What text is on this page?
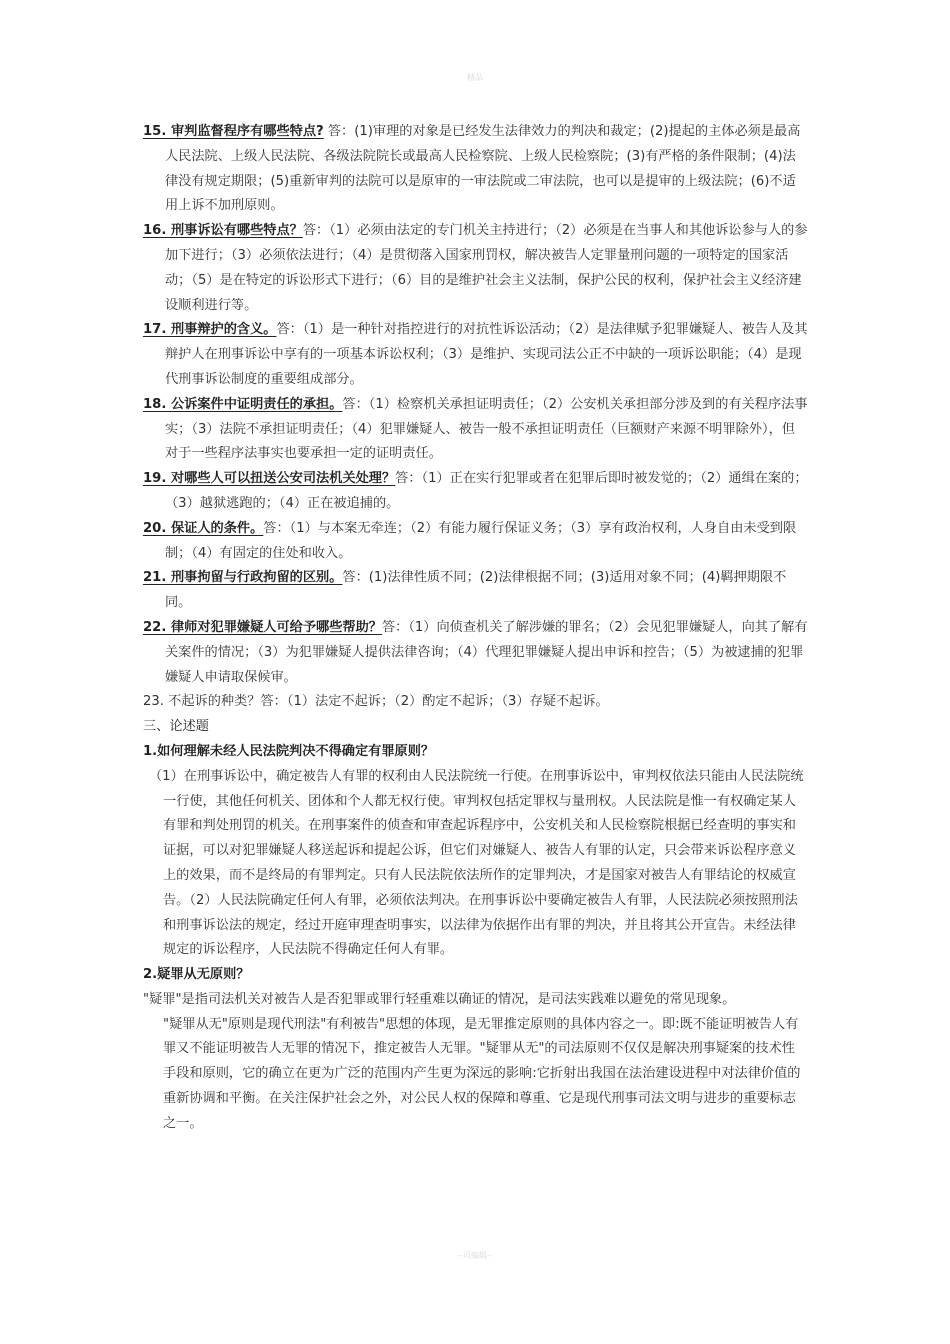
精品
15. 审判监督程序有哪些特点? 答：(1)审理的对象是已经发生法律效力的判决和裁定；(2)提起的主体必须是最高人民法院、上级人民法院、各级法院院长或最高人民检察院、上级人民检察院；(3)有严格的条件限制；(4)法律没有规定期限；(5)重新审判的法院可以是原审的一审法院或二审法院，也可以是提审的上级法院；(6)不适用上诉不加刑原则。
16. 刑事诉讼有哪些特点？答：（1）必须由法定的专门机关主持进行；（2）必须是在当事人和其他诉讼参与人的参加下进行；（3）必须依法进行；（4）是贯彻落入国家刑罚权，解决被告人定罪量刑问题的一项特定的国家活动；（5）是在特定的诉讼形式下进行；（6）目的是维护社会主义法制，保护公民的权利，保护社会主义经济建设顺利进行等。
17. 刑事辩护的含义。答：（1）是一种针对指控进行的对抗性诉讼活动；（2）是法律赋予犯罪嫌疑人、被告人及其辩护人在刑事诉讼中享有的一项基本诉讼权利；（3）是维护、实现司法公正不中缺的一项诉讼职能；（4）是现代刑事诉讼制度的重要组成部分。
18. 公诉案件中证明责任的承担。答：（1）检察机关承担证明责任；（2）公安机关承担部分涉及到的有关程序法事实；（3）法院不承担证明责任；（4）犯罪嫌疑人、被告一般不承担证明责任（巨额财产来源不明罪除外），但对于一些程序法事实也要承担一定的证明责任。
19. 对哪些人可以扭送公安司法机关处理？答：（1）正在实行犯罪或者在犯罪后即时被发觉的；（2）通缉在案的；（3）越狱逃跑的；（4）正在被追捕的。
20. 保证人的条件。答：（1）与本案无牵连；（2）有能力履行保证义务；（3）享有政治权利，人身自由未受到限制；（4）有固定的住处和收入。
21. 刑事拘留与行政拘留的区别。答：(1)法律性质不同；(2)法律根据不同；(3)适用对象不同；(4)羁押期限不同。
22. 律师对犯罪嫌疑人可给予哪些帮助？答：（1）向侦查机关了解涉嫌的罪名；（2）会见犯罪嫌疑人，向其了解有关案件的情况；（3）为犯罪嫌疑人提供法律咨询；（4）代理犯罪嫌疑人提出申诉和控告；（5）为被逮捕的犯罪嫌疑人申请取保候审。
23. 不起诉的种类？答：（1）法定不起诉；（2）酌定不起诉；（3）存疑不起诉。
三、论述题
1.如何理解未经人民法院判决不得确定有罪原则？
（1）在刑事诉讼中，确定被告人有罪的权利由人民法院统一行使。在刑事诉讼中，审判权依法只能由人民法院统一行使，其他任何机关、团体和个人都无权行使。审判权包括定罪权与量刑权。人民法院是惟一有权确定某人有罪和判处刑罚的机关。在刑事案件的侦查和审查起诉程序中，公安机关和人民检察院根据已经查明的事实和证据，可以对犯罪嫌疑人移送起诉和提起公诉，但它们对嫌疑人、被告人有罪的认定，只会带来诉讼程序意义上的效果，而不是终局的有罪判定。只有人民法院依法所作的定罪判决，才是国家对被告人有罪结论的权威宣告。（2）人民法院确定任何人有罪，必须依法判决。在刑事诉讼中要确定被告人有罪，人民法院必须按照刑法和刑事诉讼法的规定，经过开庭审理查明事实，以法律为依据作出有罪的判决，并且将其公开宣告。未经法律规定的诉讼程序，人民法院不得确定任何人有罪。
2.疑罪从无原则？
"疑罪"是指司法机关对被告人是否犯罪或罪行轻重难以确证的情况，是司法实践难以避免的常见现象。
"疑罪从无"原则是现代刑法"有利被告"思想的体现，是无罪推定原则的具体内容之一。即:既不能证明被告人有罪又不能证明被告人无罪的情况下，推定被告人无罪。"疑罪从无"的司法原则不仅仅是解决刑事疑案的技术性手段和原则，它的确立在更为广泛的范围内产生更为深远的影响:它折射出我国在法治建设进程中对法律价值的重新协调和平衡。在关注保护社会之外，对公民人权的保障和尊重、它是现代刑事司法文明与进步的重要标志之一。
--可编辑--
